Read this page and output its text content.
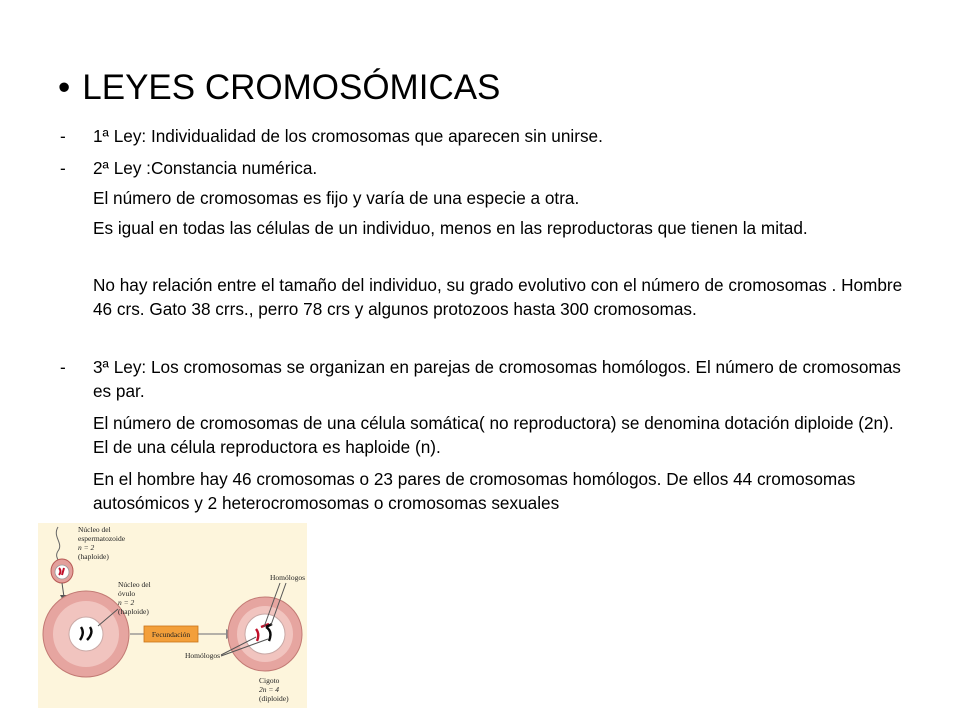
• LEYES CROMOSÓMICAS
- 1ª Ley: Individualidad de los cromosomas que aparecen sin unirse.
- 2ª Ley :Constancia numérica.
El número de cromosomas es fijo y varía de una especie a otra.
Es igual en todas las células de un individuo, menos en las reproductoras que tienen la mitad.
No hay relación entre el tamaño del individuo, su grado evolutivo con el número de cromosomas . Hombre 46 crs. Gato 38 crrs., perro 78 crs y algunos protozoos hasta 300 cromosomas.
- 3ª Ley: Los cromosomas se organizan en parejas de cromosomas homólogos. El número de cromosomas es par.
El número de cromosomas de una célula somática( no reproductora) se denomina dotación diploide (2n). El de una célula reproductora es haploide (n).
En el hombre hay 46 cromosomas o 23 pares de cromosomas homólogos. De ellos 44 cromosomas autosómicos y 2 heterocromosomas o cromosomas sexuales
Núcleo del
espermatozoide
n = 2
(haploide)
Núcleo del
óvulo
n = 2
(haploide)
Fecundación
Homólogos
Homólogos
Cigoto
2n = 4
(diploide)
